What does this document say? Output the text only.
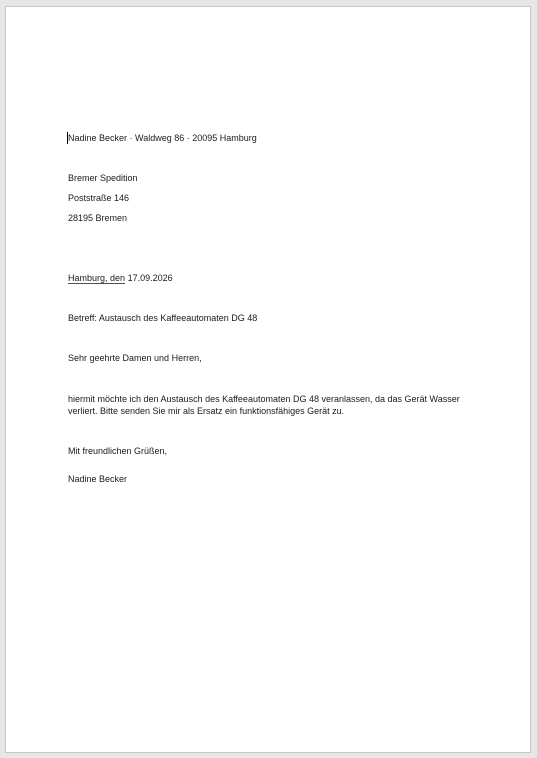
Nadine Becker · Waldweg 86 · 20095 Hamburg
Bremer Spedition
Poststraße 146
28195 Bremen
Hamburg, den 17.09.2026
Betreff: Austausch des Kaffeeautomaten DG 48
Sehr geehrte Damen und Herren,
hiermit möchte ich den Austausch des Kaffeeautomaten DG 48 veranlassen, da das Gerät Wasser
verliert. Bitte senden Sie mir als Ersatz ein funktionsfähiges Gerät zu.
Mit freundlichen Grüßen,
Nadine Becker
